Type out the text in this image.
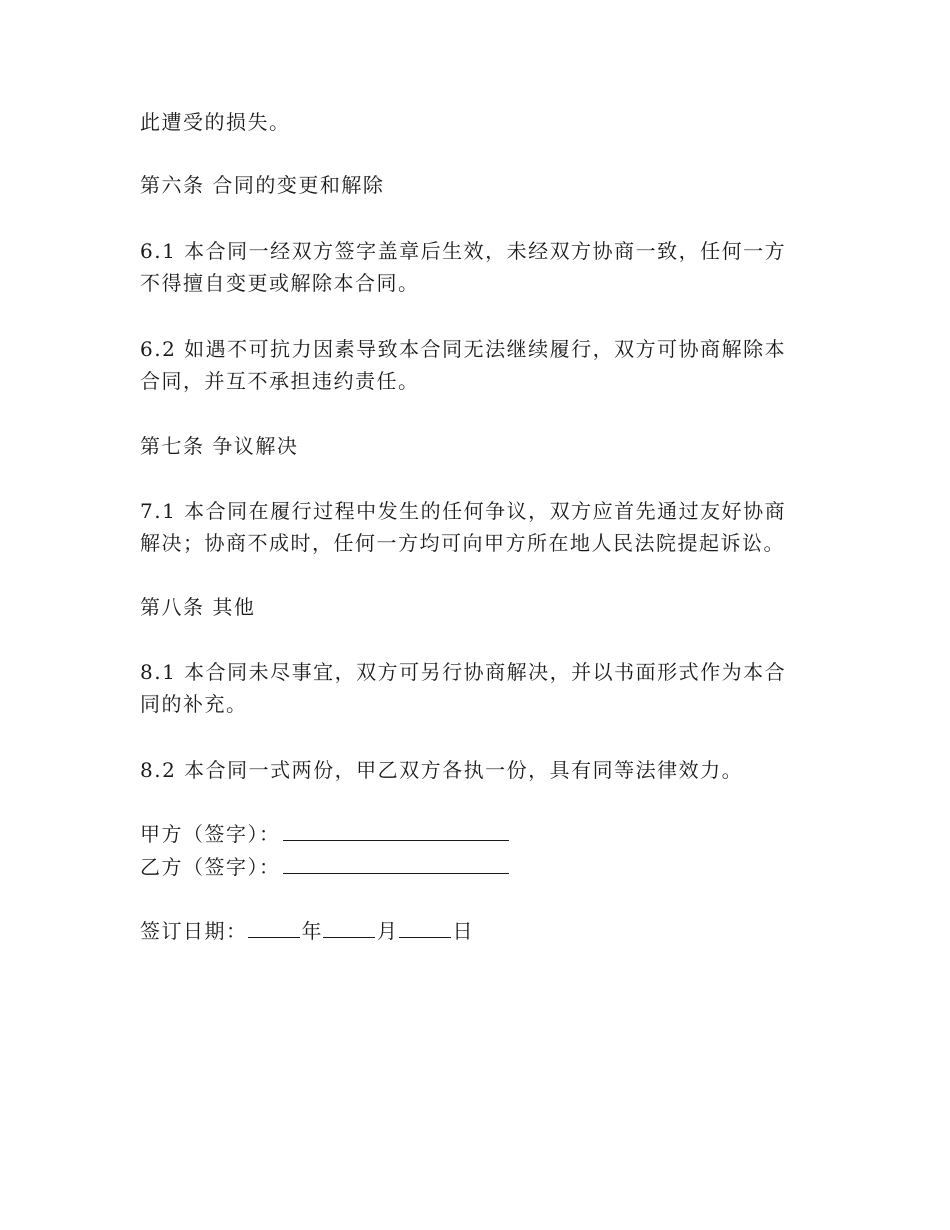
此遭受的损失。

第六条 合同的变更和解除

6.1 本合同一经双方签字盖章后生效，未经双方协商一致，任何一方不得擅自变更或解除本合同。

6.2 如遇不可抗力因素导致本合同无法继续履行，双方可协商解除本合同，并互不承担违约责任。

第七条 争议解决

7.1 本合同在履行过程中发生的任何争议，双方应首先通过友好协商解决；协商不成时，任何一方均可向甲方所在地人民法院提起诉讼。

第八条 其他

8.1 本合同未尽事宜，双方可另行协商解决，并以书面形式作为本合同的补充。

8.2 本合同一式两份，甲乙双方各执一份，具有同等法律效力。

甲方（签字）：
乙方（签字）：
签订日期：	年	月	日
